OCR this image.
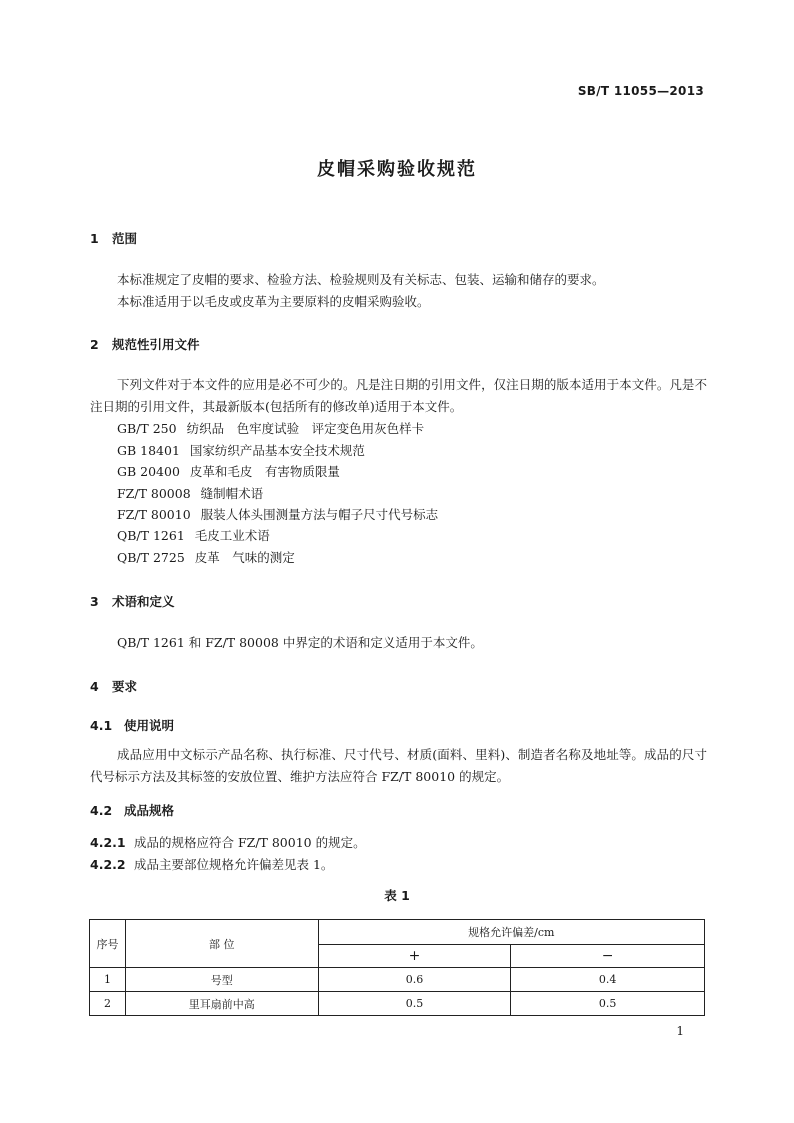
SB/T 11055—2013
皮帽采购验收规范
1 范围
本标准规定了皮帽的要求、检验方法、检验规则及有关标志、包装、运输和储存的要求。
本标准适用于以毛皮或皮革为主要原料的皮帽采购验收。
2 规范性引用文件
下列文件对于本文件的应用是必不可少的。凡是注日期的引用文件，仅注日期的版本适用于本文件。凡是不注日期的引用文件，其最新版本(包括所有的修改单)适用于本文件。
GB/T 250 纺织品　色牢度试验　评定变色用灰色样卡
GB 18401 国家纺织产品基本安全技术规范
GB 20400 皮革和毛皮　有害物质限量
FZ/T 80008 缝制帽术语
FZ/T 80010 服装人体头围测量方法与帽子尺寸代号标志
QB/T 1261 毛皮工业术语
QB/T 2725 皮革　气味的测定
3 术语和定义
QB/T 1261 和 FZ/T 80008 中界定的术语和定义适用于本文件。
4 要求
4.1 使用说明
成品应用中文标示产品名称、执行标准、尺寸代号、材质(面料、里料)、制造者名称及地址等。成品的尺寸代号标示方法及其标签的安放位置、维护方法应符合 FZ/T 80010 的规定。
4.2 成品规格
4.2.1 成品的规格应符合 FZ/T 80010 的规定。
4.2.2 成品主要部位规格允许偏差见表 1。
表 1
序号	部 位	规格允许偏差/cm	
		+	−
1	号型	0.6	0.4
2	里耳扇前中高	0.5	0.5
1
